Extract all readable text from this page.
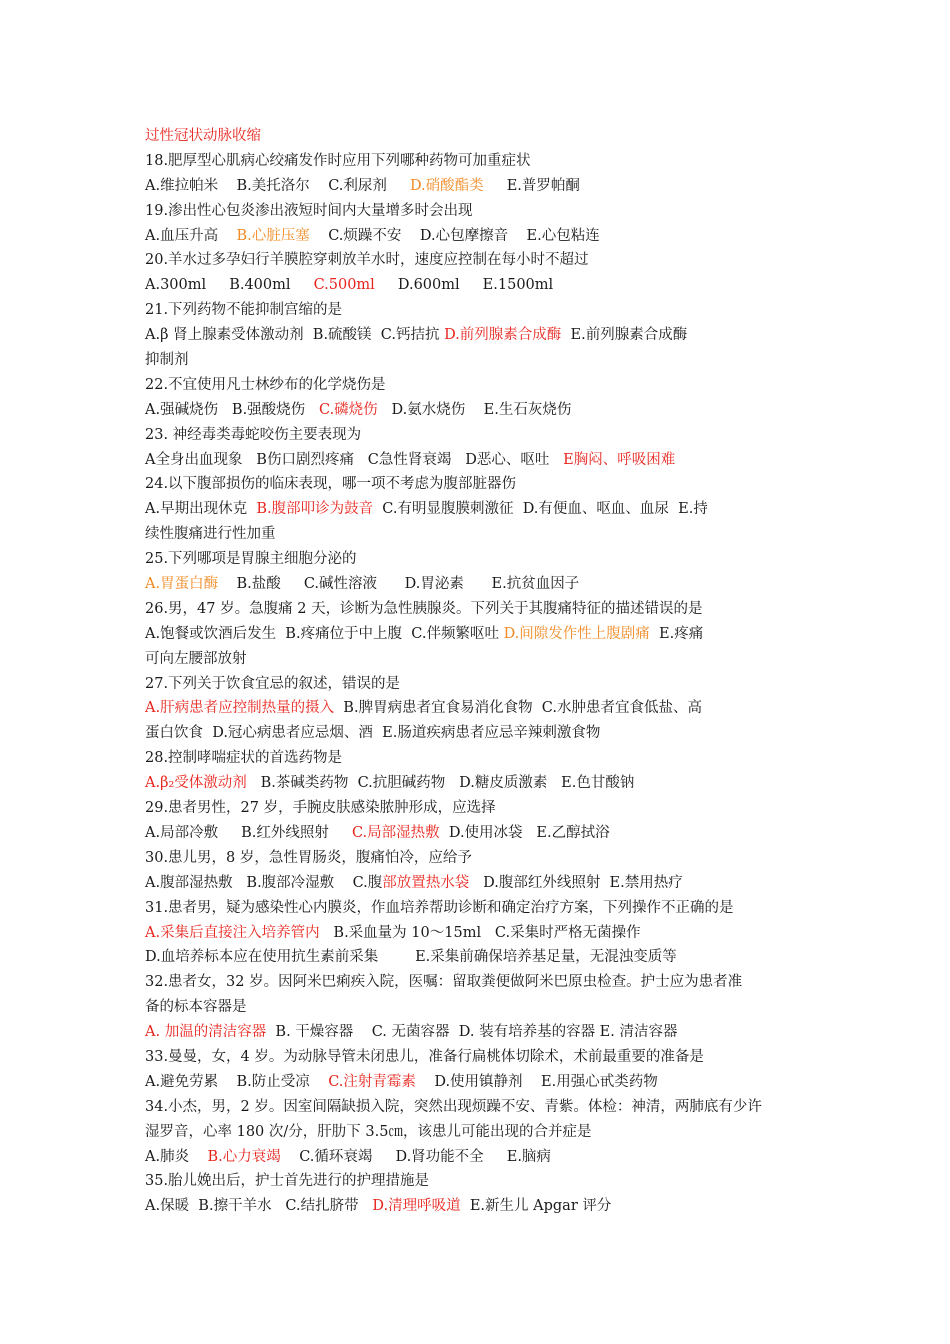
过性冠状动脉收缩
18.肥厚型心肌病心绞痛发作时应用下列哪种药物可加重症状
A.维拉帕米    B.美托洛尔    C.利尿剂     D.硝酸酯类     E.普罗帕酮
19.渗出性心包炎渗出液短时间内大量增多时会出现
A.血压升高    B.心脏压塞    C.烦躁不安    D.心包摩擦音    E.心包粘连
20.羊水过多孕妇行羊膜腔穿刺放羊水时，速度应控制在每小时不超过
A.300ml     B.400ml     C.500ml     D.600ml     E.1500ml
21.下列药物不能抑制宫缩的是
A.β 肾上腺素受体激动剂  B.硫酸镁  C.钙拮抗 D.前列腺素合成酶  E.前列腺素合成酶
抑制剂
22.不宜使用凡士林纱布的化学烧伤是
A.强碱烧伤   B.强酸烧伤   C.磷烧伤   D.氨水烧伤    E.生石灰烧伤
23. 神经毒类毒蛇咬伤主要表现为
A全身出血现象   B伤口剧烈疼痛   C急性肾衰竭   D恶心、呕吐   E胸闷、呼吸困难
24.以下腹部损伤的临床表现，哪一项不考虑为腹部脏器伤
A.早期出现休克  B.腹部叩诊为鼓音  C.有明显腹膜刺激征  D.有便血、呕血、血尿  E.持
续性腹痛进行性加重
25.下列哪项是胃腺主细胞分泌的
A.胃蛋白酶    B.盐酸     C.碱性溶液      D.胃泌素      E.抗贫血因子
26.男，47 岁。急腹痛 2 天，诊断为急性胰腺炎。下列关于其腹痛特征的描述错误的是
A.饱餐或饮酒后发生  B.疼痛位于中上腹  C.伴频繁呕吐 D.间隙发作性上腹剧痛  E.疼痛
可向左腰部放射
27.下列关于饮食宜忌的叙述，错误的是
A.肝病患者应控制热量的摄入  B.脾胃病患者宜食易消化食物  C.水肿患者宜食低盐、高
蛋白饮食  D.冠心病患者应忌烟、酒  E.肠道疾病患者应忌辛辣刺激食物
28.控制哮喘症状的首选药物是
A.β₂受体激动剂   B.茶碱类药物  C.抗胆碱药物   D.糖皮质激素   E.色甘酸钠
29.患者男性，27 岁，手腕皮肤感染脓肿形成，应选择
A.局部冷敷     B.红外线照射     C.局部湿热敷  D.使用冰袋   E.乙醇拭浴
30.患儿男，8 岁，急性胃肠炎，腹痛怕冷，应给予
A.腹部湿热敷   B.腹部冷湿敷    C.腹部放置热水袋   D.腹部红外线照射  E.禁用热疗
31.患者男，疑为感染性心内膜炎，作血培养帮助诊断和确定治疗方案，下列操作不正确的是
A.采集后直接注入培养管内   B.采血量为 10～15ml   C.采集时严格无菌操作
D.血培养标本应在使用抗生素前采集        E.采集前确保培养基足量，无混浊变质等
32.患者女，32 岁。因阿米巴痢疾入院，医嘱：留取粪便做阿米巴原虫检查。护士应为患者准
备的标本容器是
A. 加温的清洁容器  B. 干燥容器    C. 无菌容器  D. 装有培养基的容器 E. 清洁容器
33.曼曼，女，4 岁。为动脉导管未闭患儿，准备行扁桃体切除术，术前最重要的准备是
A.避免劳累    B.防止受凉    C.注射青霉素    D.使用镇静剂    E.用强心甙类药物
34.小杰，男，2 岁。因室间隔缺损入院，突然出现烦躁不安、青紫。体检：神清，两肺底有少许
湿罗音，心率 180 次/分，肝肋下 3.5㎝，该患儿可能出现的合并症是
A.肺炎    B.心力衰竭    C.循环衰竭     D.肾功能不全     E.脑病
35.胎儿娩出后，护士首先进行的护理措施是
A.保暖  B.擦干羊水   C.结扎脐带   D.清理呼吸道  E.新生儿 Apgar 评分
